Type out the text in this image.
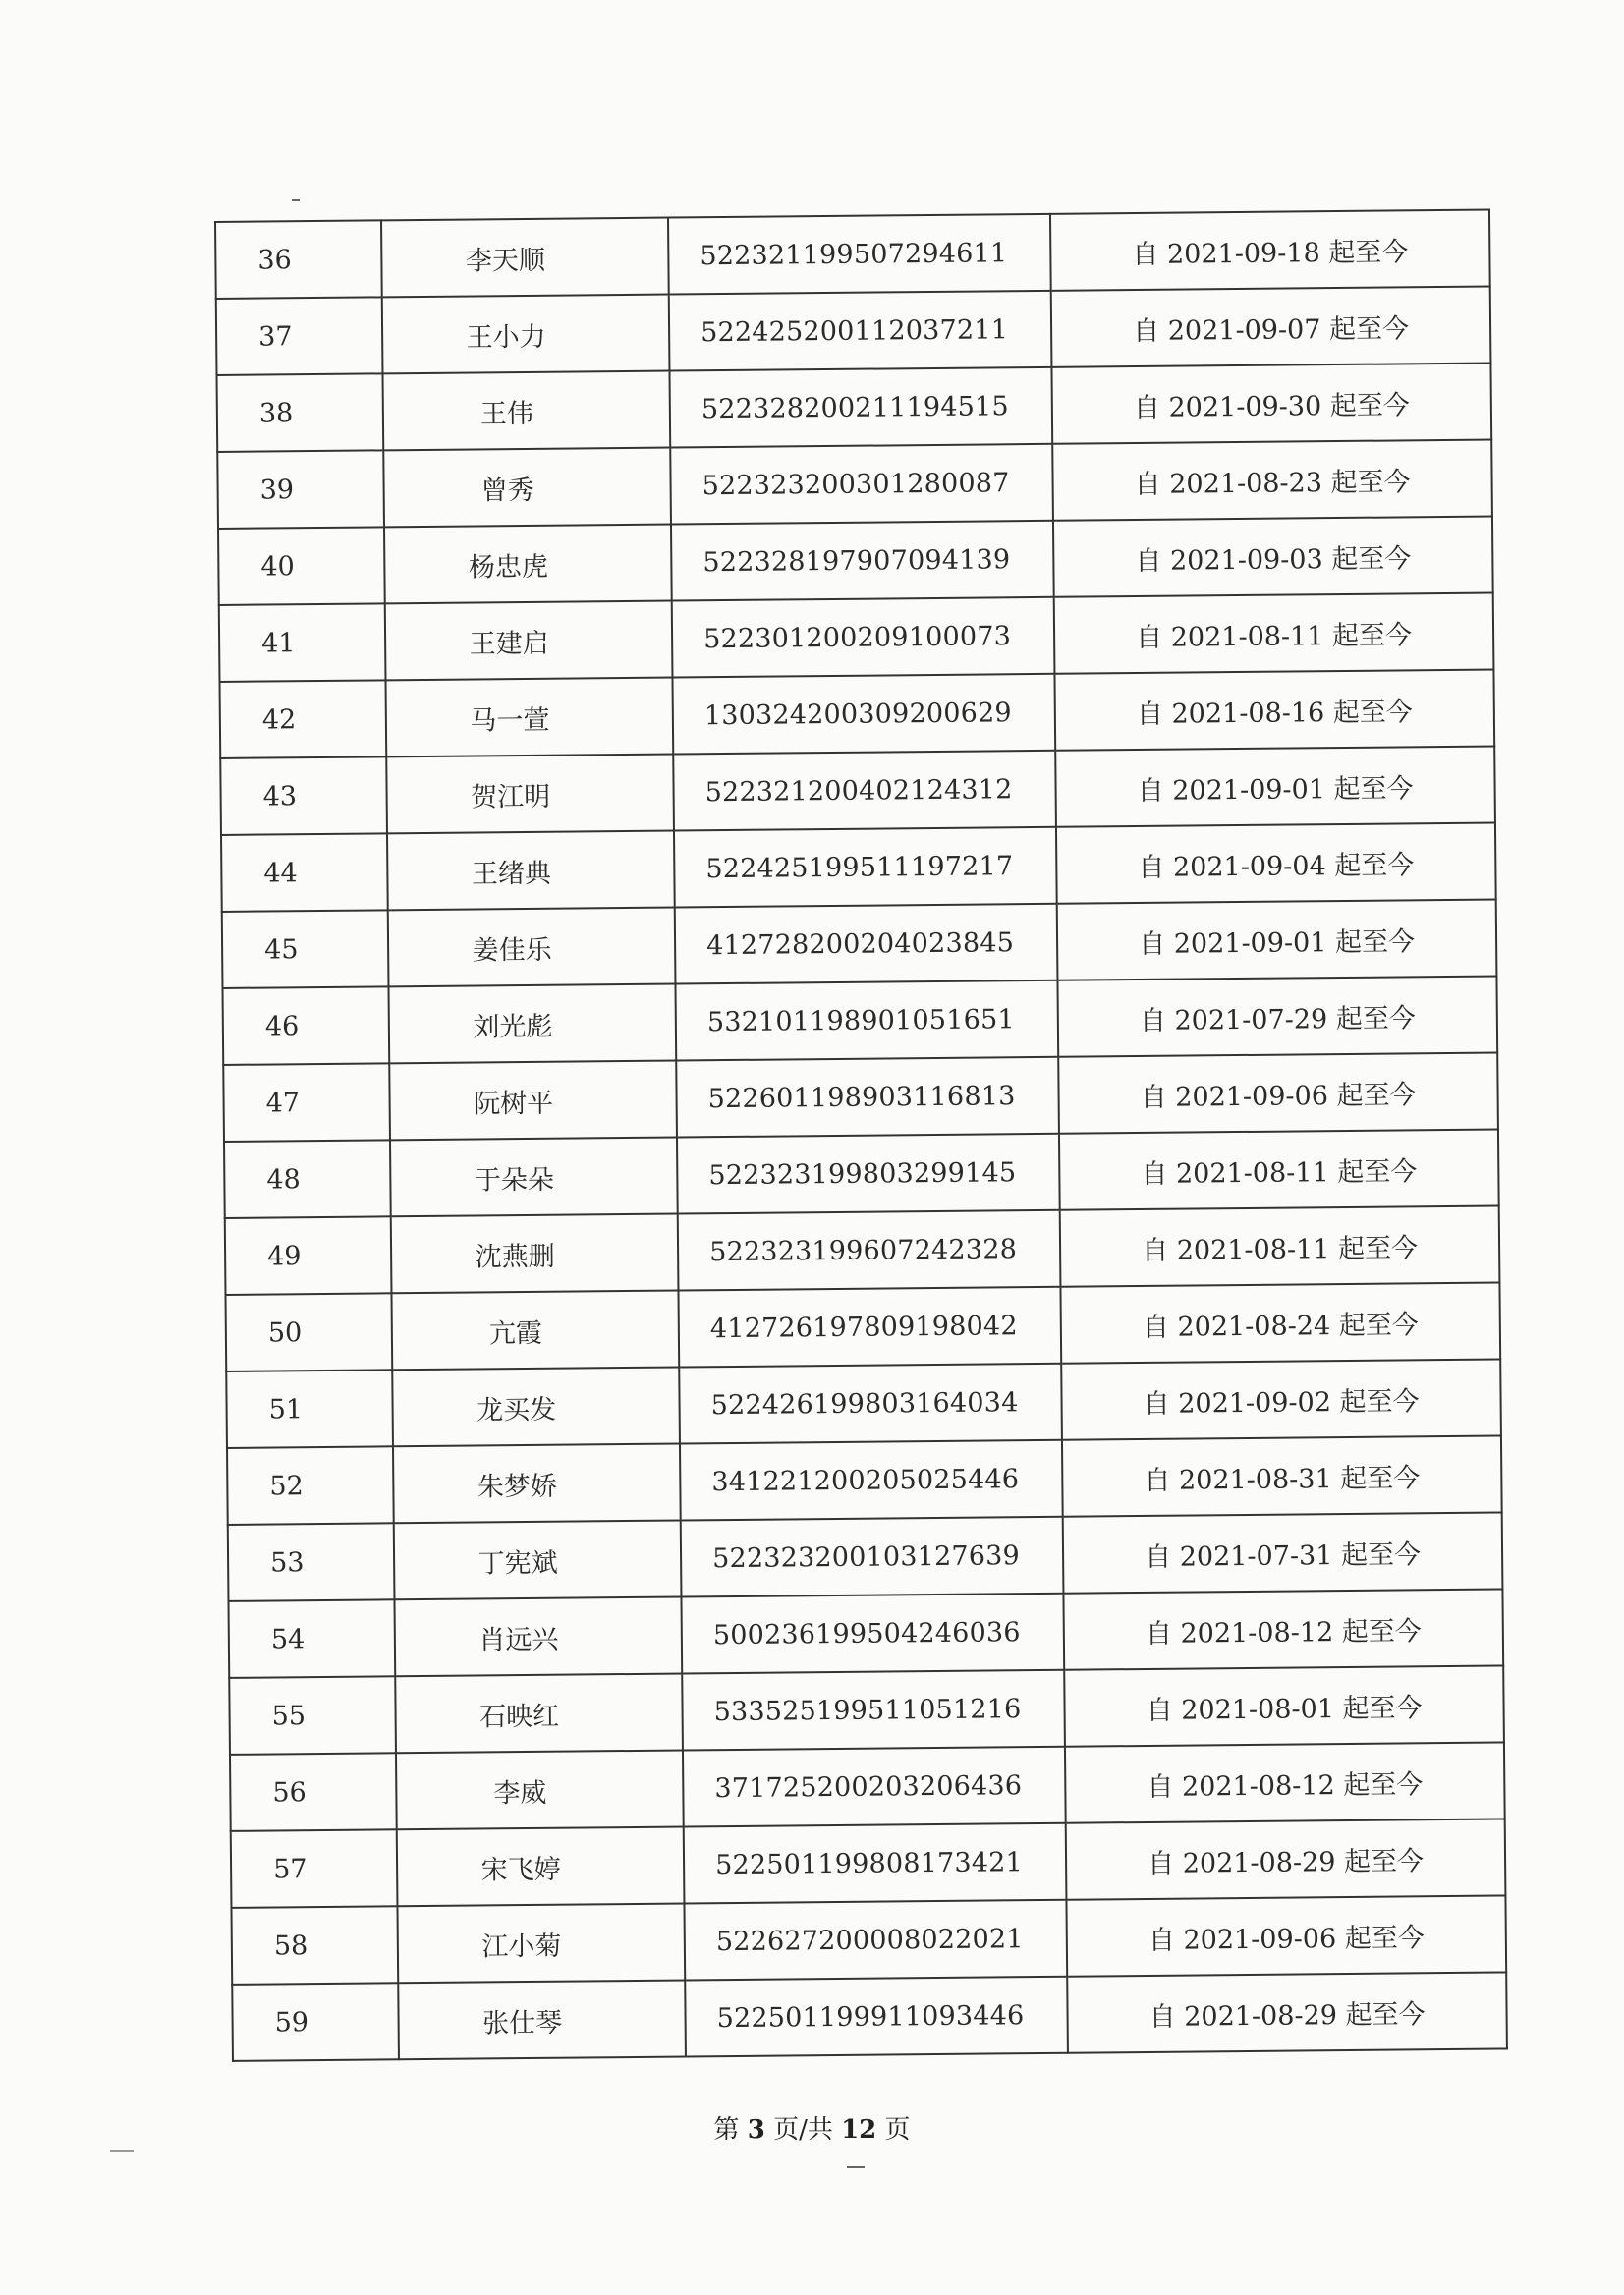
36	李天顺	522321199507294611	自 2021-09-18 起至今
37	王小力	522425200112037211	自 2021-09-07 起至今
38	王伟	522328200211194515	自 2021-09-30 起至今
39	曾秀	522323200301280087	自 2021-08-23 起至今
40	杨忠虎	522328197907094139	自 2021-09-03 起至今
41	王建启	522301200209100073	自 2021-08-11 起至今
42	马一萱	130324200309200629	自 2021-08-16 起至今
43	贺江明	522321200402124312	自 2021-09-01 起至今
44	王绪典	522425199511197217	自 2021-09-04 起至今
45	姜佳乐	412728200204023845	自 2021-09-01 起至今
46	刘光彪	532101198901051651	自 2021-07-29 起至今
47	阮树平	522601198903116813	自 2021-09-06 起至今
48	于朵朵	522323199803299145	自 2021-08-11 起至今
49	沈燕删	522323199607242328	自 2021-08-11 起至今
50	亢霞	412726197809198042	自 2021-08-24 起至今
51	龙买发	522426199803164034	自 2021-09-02 起至今
52	朱梦娇	341221200205025446	自 2021-08-31 起至今
53	丁宪斌	522323200103127639	自 2021-07-31 起至今
54	肖远兴	500236199504246036	自 2021-08-12 起至今
55	石映红	533525199511051216	自 2021-08-01 起至今
56	李威	371725200203206436	自 2021-08-12 起至今
57	宋飞婷	522501199808173421	自 2021-08-29 起至今
58	江小菊	522627200008022021	自 2021-09-06 起至今
59	张仕琴	522501199911093446	自 2021-08-29 起至今
第 3 页/共 12 页
